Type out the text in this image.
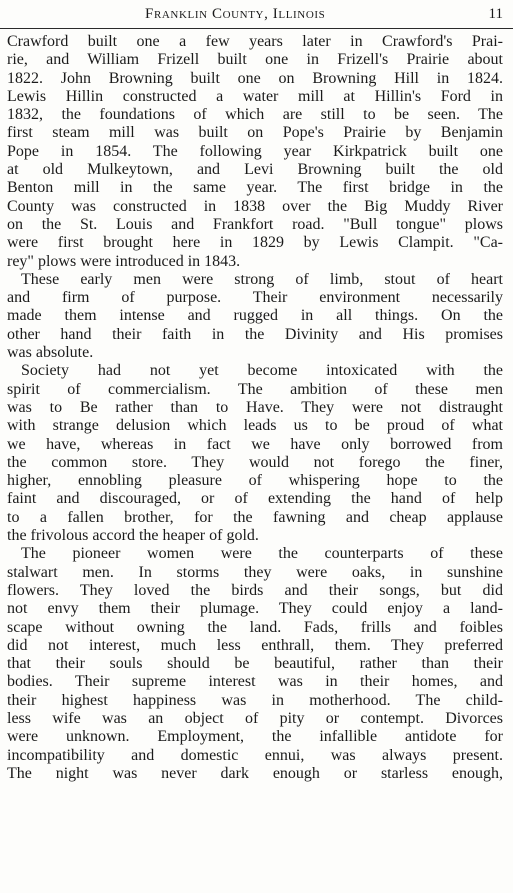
Franklin County, Illinois	11
Crawford built one a few years later in Crawford's Prai-
rie, and William Frizell built one in Frizell's Prairie about
1822. John Browning built one on Browning Hill in 1824.
Lewis Hillin constructed a water mill at Hillin's Ford in
1832, the foundations of which are still to be seen. The
first steam mill was built on Pope's Prairie by Benjamin
Pope in 1854. The following year Kirkpatrick built one
at old Mulkeytown, and Levi Browning built the old
Benton mill in the same year. The first bridge in the
County was constructed in 1838 over the Big Muddy River
on the St. Louis and Frankfort road. "Bull tongue" plows
were first brought here in 1829 by Lewis Clampit. "Ca-
rey" plows were introduced in 1843.
These early men were strong of limb, stout of heart
and firm of purpose. Their environment necessarily
made them intense and rugged in all things. On the
other hand their faith in the Divinity and His promises
was absolute.
Society had not yet become intoxicated with the
spirit of commercialism. The ambition of these men
was to Be rather than to Have. They were not distraught
with strange delusion which leads us to be proud of what
we have, whereas in fact we have only borrowed from
the common store. They would not forego the finer,
higher, ennobling pleasure of whispering hope to the
faint and discouraged, or of extending the hand of help
to a fallen brother, for the fawning and cheap applause
the frivolous accord the heaper of gold.
The pioneer women were the counterparts of these
stalwart men. In storms they were oaks, in sunshine
flowers. They loved the birds and their songs, but did
not envy them their plumage. They could enjoy a land-
scape without owning the land. Fads, frills and foibles
did not interest, much less enthrall, them. They preferred
that their souls should be beautiful, rather than their
bodies. Their supreme interest was in their homes, and
their highest happiness was in motherhood. The child-
less wife was an object of pity or contempt. Divorces
were unknown. Employment, the infallible antidote for
incompatibility and domestic ennui, was always present.
The night was never dark enough or starless enough,
